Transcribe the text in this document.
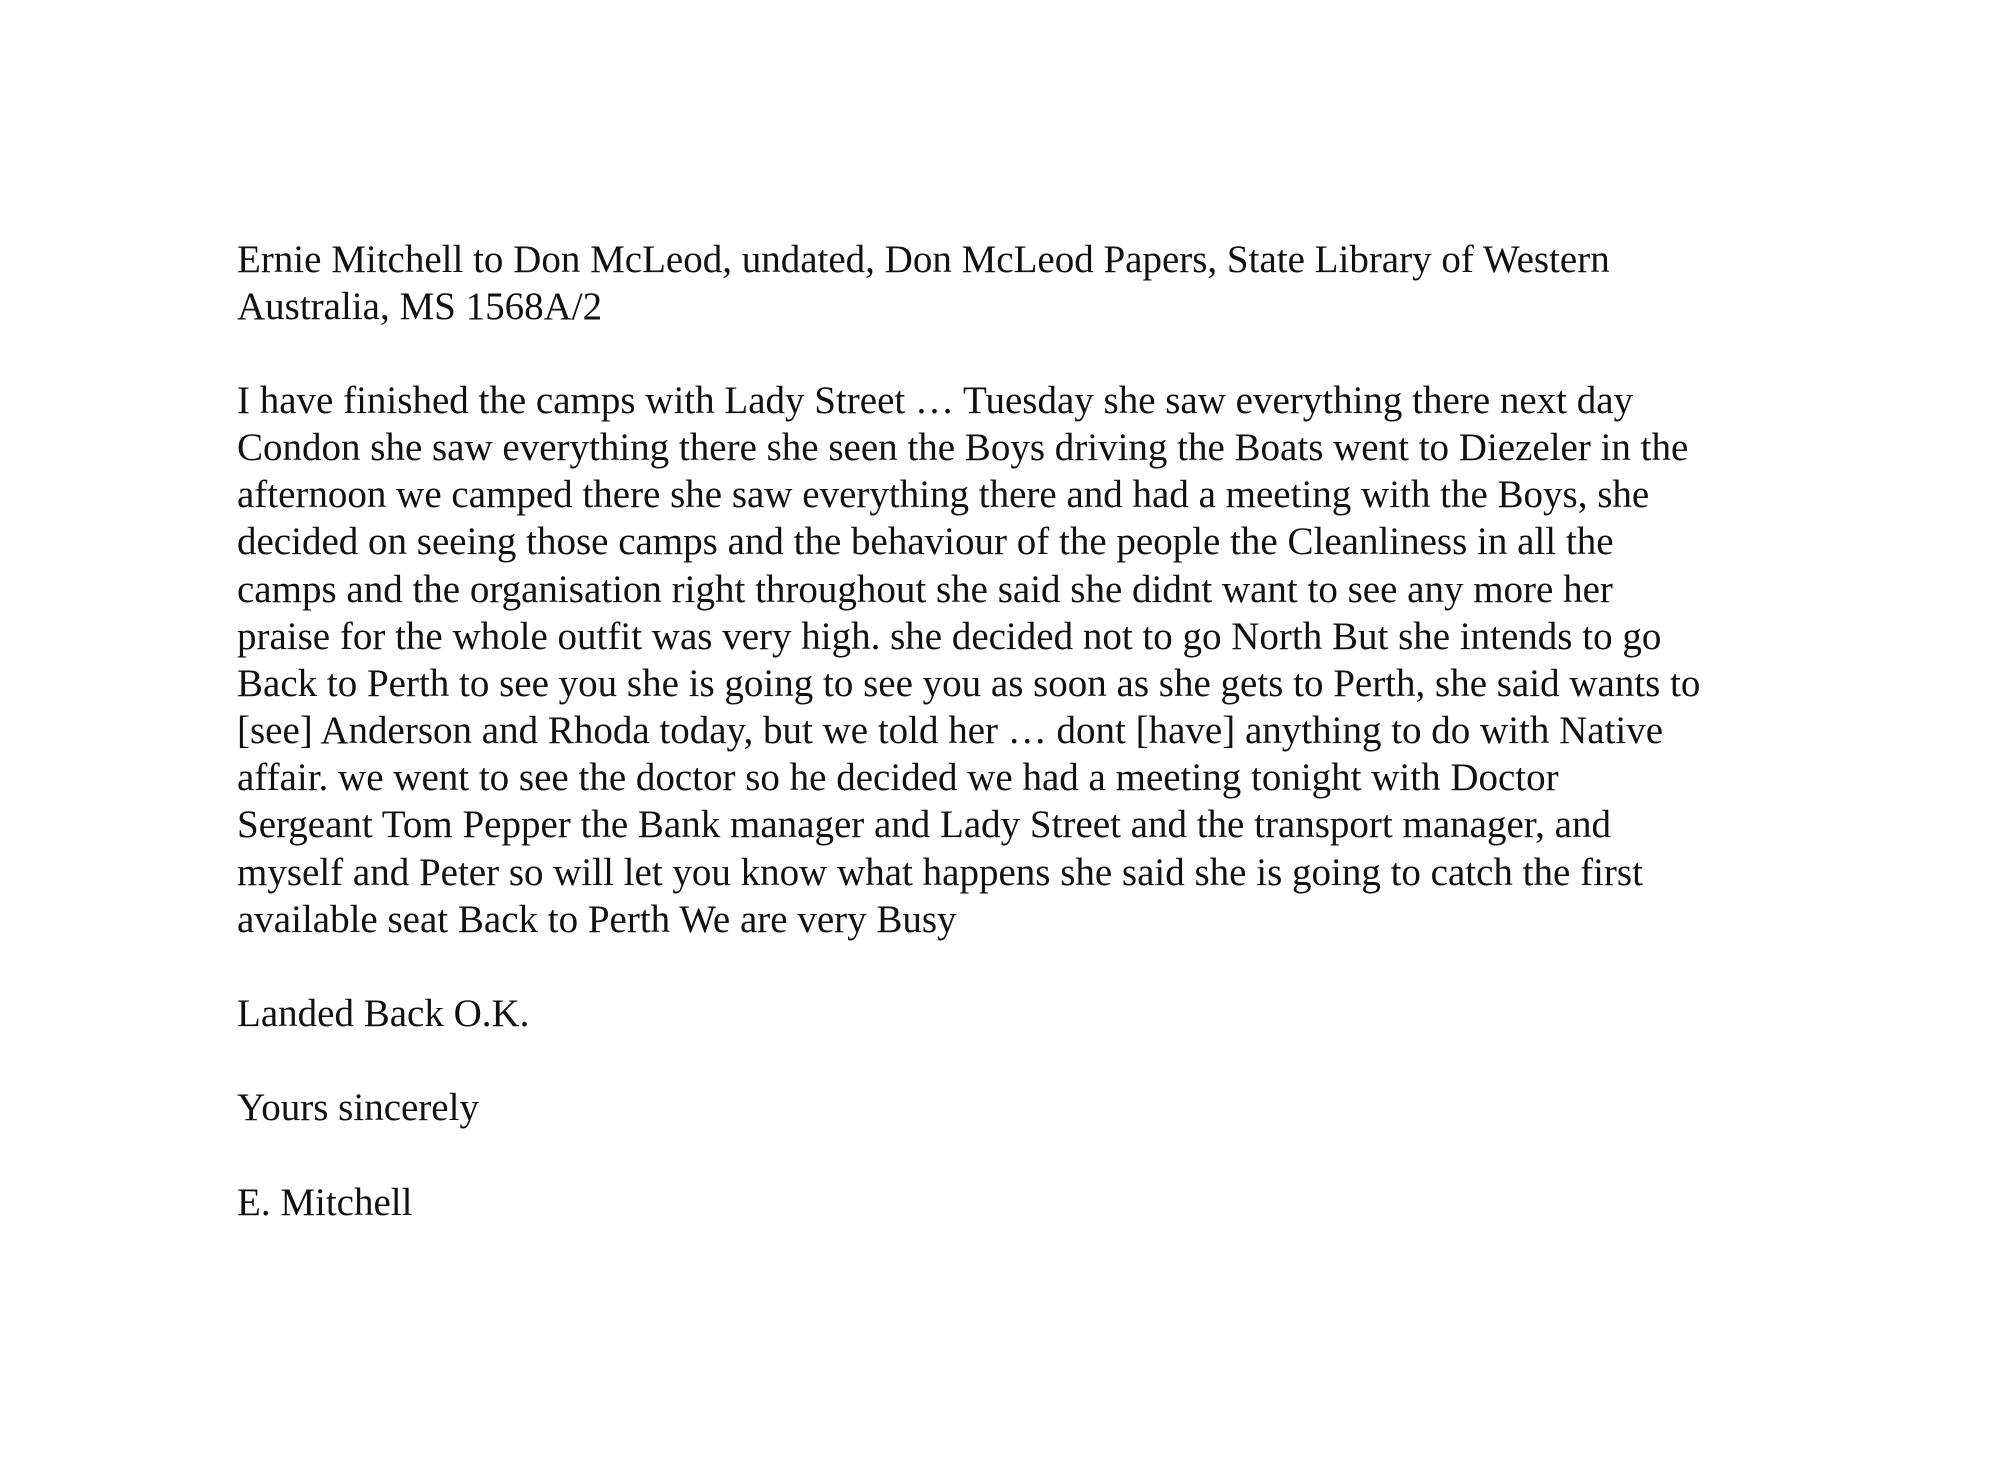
Ernie Mitchell to Don McLeod, undated, Don McLeod Papers, State Library of Western
Australia, MS 1568A/2
I have finished the camps with Lady Street … Tuesday she saw everything there next day
Condon she saw everything there she seen the Boys driving the Boats went to Diezeler in the
afternoon we camped there she saw everything there and had a meeting with the Boys, she
decided on seeing those camps and the behaviour of the people the Cleanliness in all the
camps and the organisation right throughout she said she didnt want to see any more her
praise for the whole outfit was very high. she decided not to go North But she intends to go
Back to Perth to see you she is going to see you as soon as she gets to Perth, she said wants to
[see] Anderson and Rhoda today, but we told her … dont [have] anything to do with Native
affair. we went to see the doctor so he decided we had a meeting tonight with Doctor
Sergeant Tom Pepper the Bank manager and Lady Street and the transport manager, and
myself and Peter so will let you know what happens she said she is going to catch the first
available seat Back to Perth We are very Busy
Landed Back O.K.
Yours sincerely
E. Mitchell
